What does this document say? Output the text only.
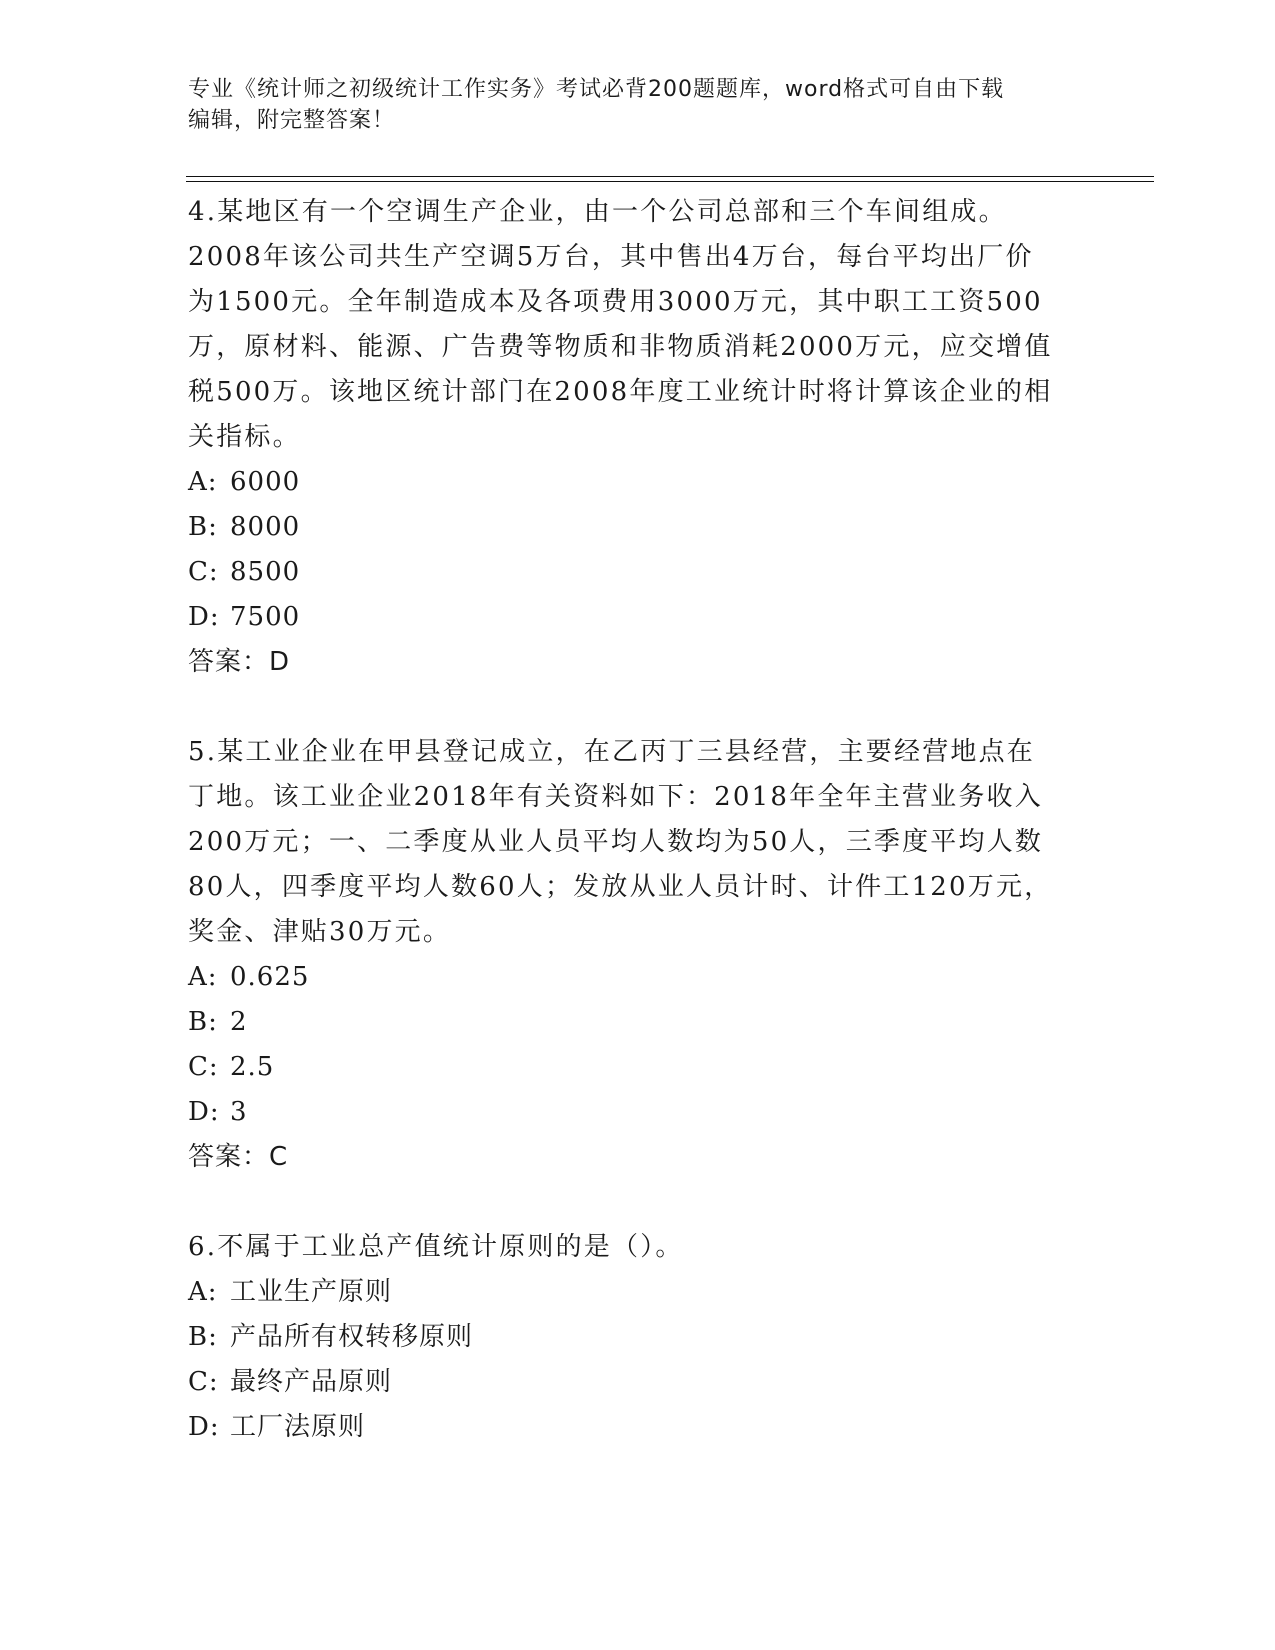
专业《统计师之初级统计工作实务》考试必背200题题库，word格式可自由下载
编辑，附完整答案！
4.某地区有一个空调生产企业，由一个公司总部和三个车间组成。
2008年该公司共生产空调5万台，其中售出4万台，每台平均出厂价
为1500元。全年制造成本及各项费用3000万元，其中职工工资500
万，原材料、能源、广告费等物质和非物质消耗2000万元，应交增值
税500万。该地区统计部门在2008年度工业统计时将计算该企业的相
关指标。
A: 6000
B: 8000
C: 8500
D: 7500
答案：D
5.某工业企业在甲县登记成立，在乙丙丁三县经营，主要经营地点在
丁地。该工业企业2018年有关资料如下：2018年全年主营业务收入
200万元；一、二季度从业人员平均人数均为50人，三季度平均人数
80人，四季度平均人数60人；发放从业人员计时、计件工120万元，
奖金、津贴30万元。
A: 0.625
B: 2
C: 2.5
D: 3
答案：C
6.不属于工业总产值统计原则的是（）。
A: 工业生产原则
B: 产品所有权转移原则
C: 最终产品原则
D: 工厂法原则
